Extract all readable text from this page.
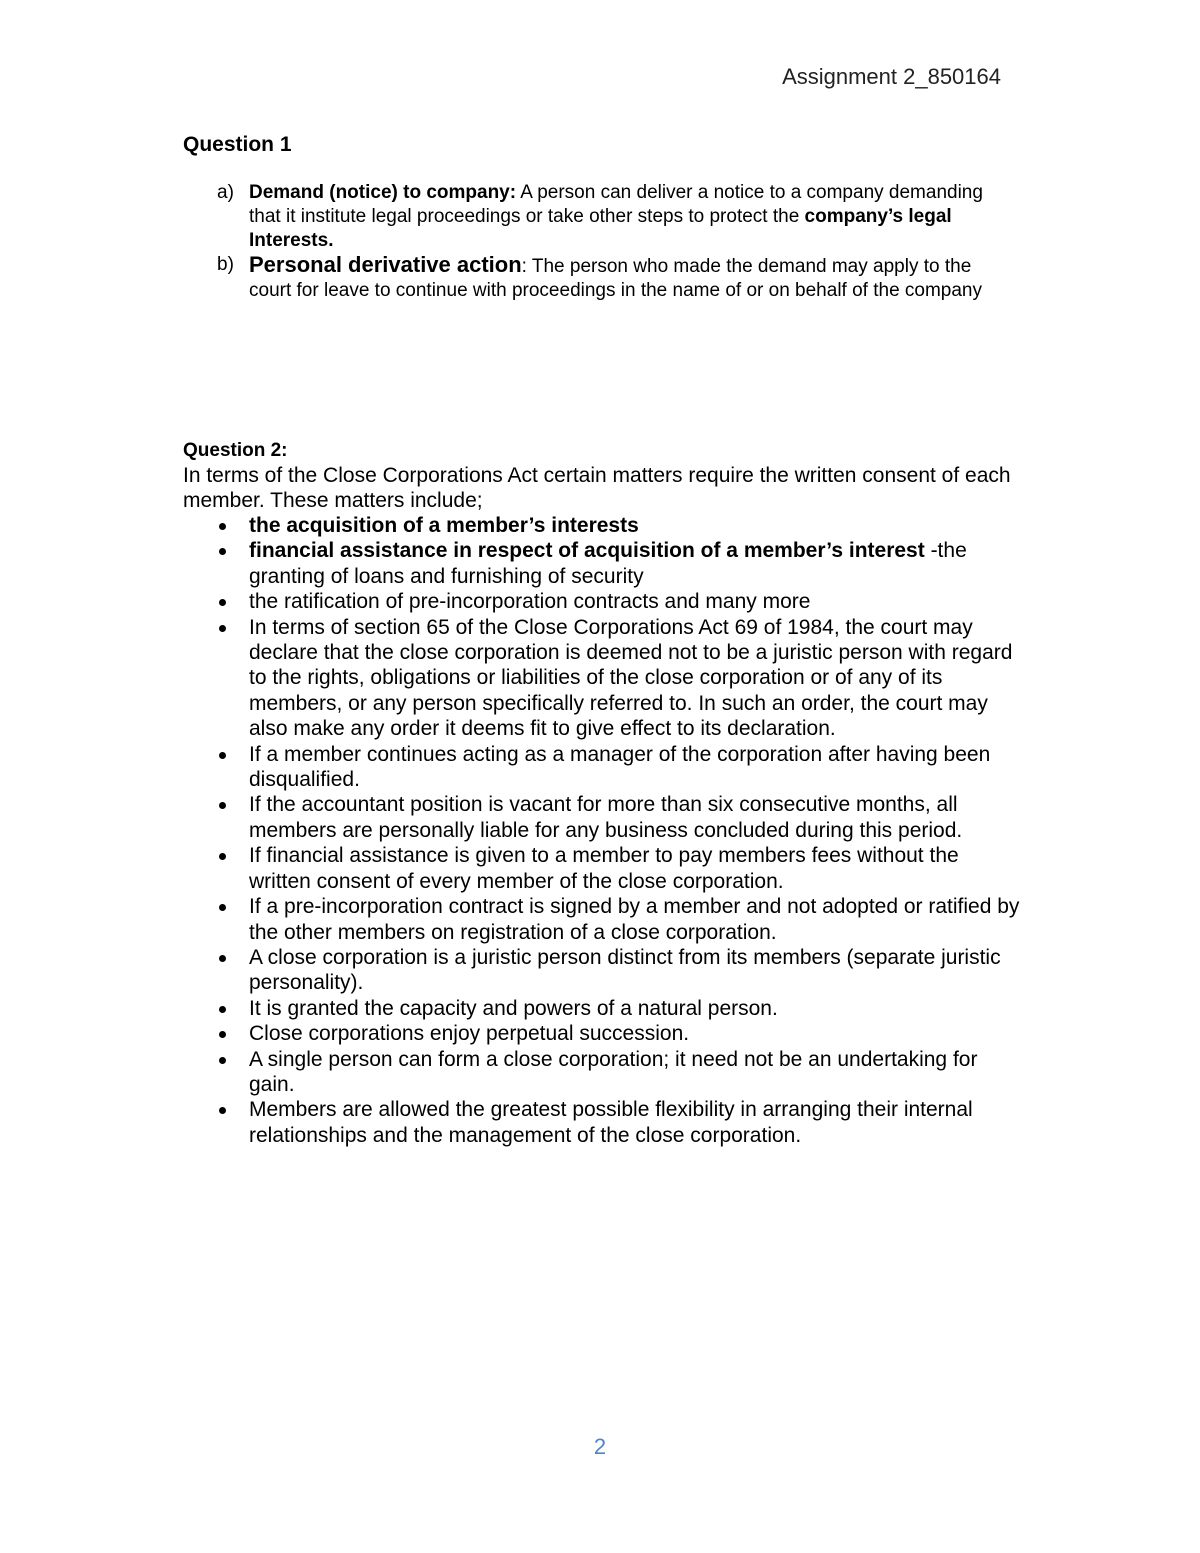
Assignment 2_850164
Question 1
a) Demand (notice) to company: A person can deliver a notice to a company demanding that it institute legal proceedings or take other steps to protect the company’s legal Interests.
b) Personal derivative action: The person who made the demand may apply to the court for leave to continue with proceedings in the name of or on behalf of the company
Question 2:
In terms of the Close Corporations Act certain matters require the written consent of each member. These matters include;
the acquisition of a member’s interests
financial assistance in respect of acquisition of a member’s interest -the granting of loans and furnishing of security
the ratification of pre-incorporation contracts and many more
In terms of section 65 of the Close Corporations Act 69 of 1984, the court may declare that the close corporation is deemed not to be a juristic person with regard to the rights, obligations or liabilities of the close corporation or of any of its members, or any person specifically referred to. In such an order, the court may also make any order it deems fit to give effect to its declaration.
If a member continues acting as a manager of the corporation after having been disqualified.
If the accountant position is vacant for more than six consecutive months, all members are personally liable for any business concluded during this period.
If financial assistance is given to a member to pay members fees without the written consent of every member of the close corporation.
If a pre-incorporation contract is signed by a member and not adopted or ratified by the other members on registration of a close corporation.
A close corporation is a juristic person distinct from its members (separate juristic personality).
It is granted the capacity and powers of a natural person.
Close corporations enjoy perpetual succession.
A single person can form a close corporation; it need not be an undertaking for gain.
Members are allowed the greatest possible flexibility in arranging their internal relationships and the management of the close corporation.
2
